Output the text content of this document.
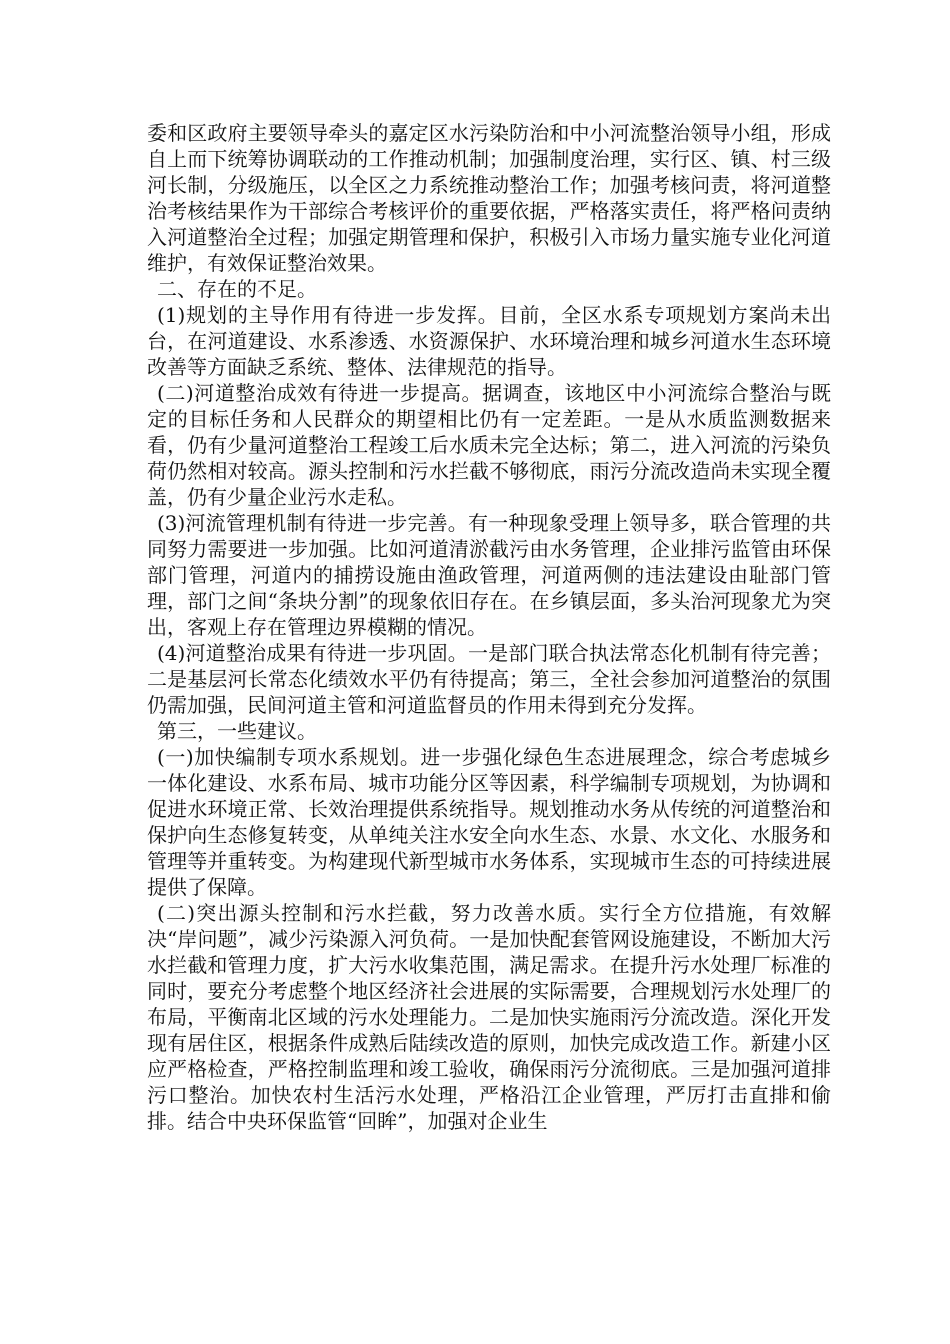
委和区政府主要领导牵头的嘉定区水污染防治和中小河流整治领导小组，形成自上而下统筹协调联动的工作推动机制；加强制度治理，实行区、镇、村三级河长制，分级施压，以全区之力系统推动整治工作；加强考核问责，将河道整治考核结果作为干部综合考核评价的重要依据，严格落实责任，将严格问责纳入河道整治全过程；加强定期管理和保护，积极引入市场力量实施专业化河道维护，有效保证整治效果。

二、存在的不足。

(1)规划的主导作用有待进一步发挥。目前，全区水系专项规划方案尚未出台，在河道建设、水系渗透、水资源保护、水环境治理和城乡河道水生态环境改善等方面缺乏系统、整体、法律规范的指导。

(二)河道整治成效有待进一步提高。据调查，该地区中小河流综合整治与既定的目标任务和人民群众的期望相比仍有一定差距。一是从水质监测数据来看，仍有少量河道整治工程竣工后水质未完全达标；第二，进入河流的污染负荷仍然相对较高。源头控制和污水拦截不够彻底，雨污分流改造尚未实现全覆盖，仍有少量企业污水走私。

(3)河流管理机制有待进一步完善。有一种现象受理上领导多，联合管理的共同努力需要进一步加强。比如河道清淤截污由水务管理，企业排污监管由环保部门管理，河道内的捕捞设施由渔政管理，河道两侧的违法建设由耻部门管理，部门之间“条块分割”的现象依旧存在。在乡镇层面，多头治河现象尤为突出，客观上存在管理边界模糊的情况。

(4)河道整治成果有待进一步巩固。一是部门联合执法常态化机制有待完善；二是基层河长常态化绩效水平仍有待提高；第三，全社会参加河道整治的氛围仍需加强，民间河道主管和河道监督员的作用未得到充分发挥。

第三，一些建议。

(一)加快编制专项水系规划。进一步强化绿色生态进展理念，综合考虑城乡一体化建设、水系布局、城市功能分区等因素，科学编制专项规划，为协调和促进水环境正常、长效治理提供系统指导。规划推动水务从传统的河道整治和保护向生态修复转变，从单纯关注水安全向水生态、水景、水文化、水服务和管理等并重转变。为构建现代新型城市水务体系，实现城市生态的可持续进展提供了保障。

(二)突出源头控制和污水拦截，努力改善水质。实行全方位措施，有效解决“岸问题”，减少污染源入河负荷。一是加快配套管网设施建设，不断加大污水拦截和管理力度，扩大污水收集范围，满足需求。在提升污水处理厂标准的同时，要充分考虑整个地区经济社会进展的实际需要，合理规划污水处理厂的布局，平衡南北区域的污水处理能力。二是加快实施雨污分流改造。深化开发现有居住区，根据条件成熟后陆续改造的原则，加快完成改造工作。新建小区应严格检查，严格控制监理和竣工验收，确保雨污分流彻底。三是加强河道排污口整治。加快农村生活污水处理，严格沿江企业管理，严厉打击直排和偷排。结合中央环保监管“回眸”，加强对企业生
